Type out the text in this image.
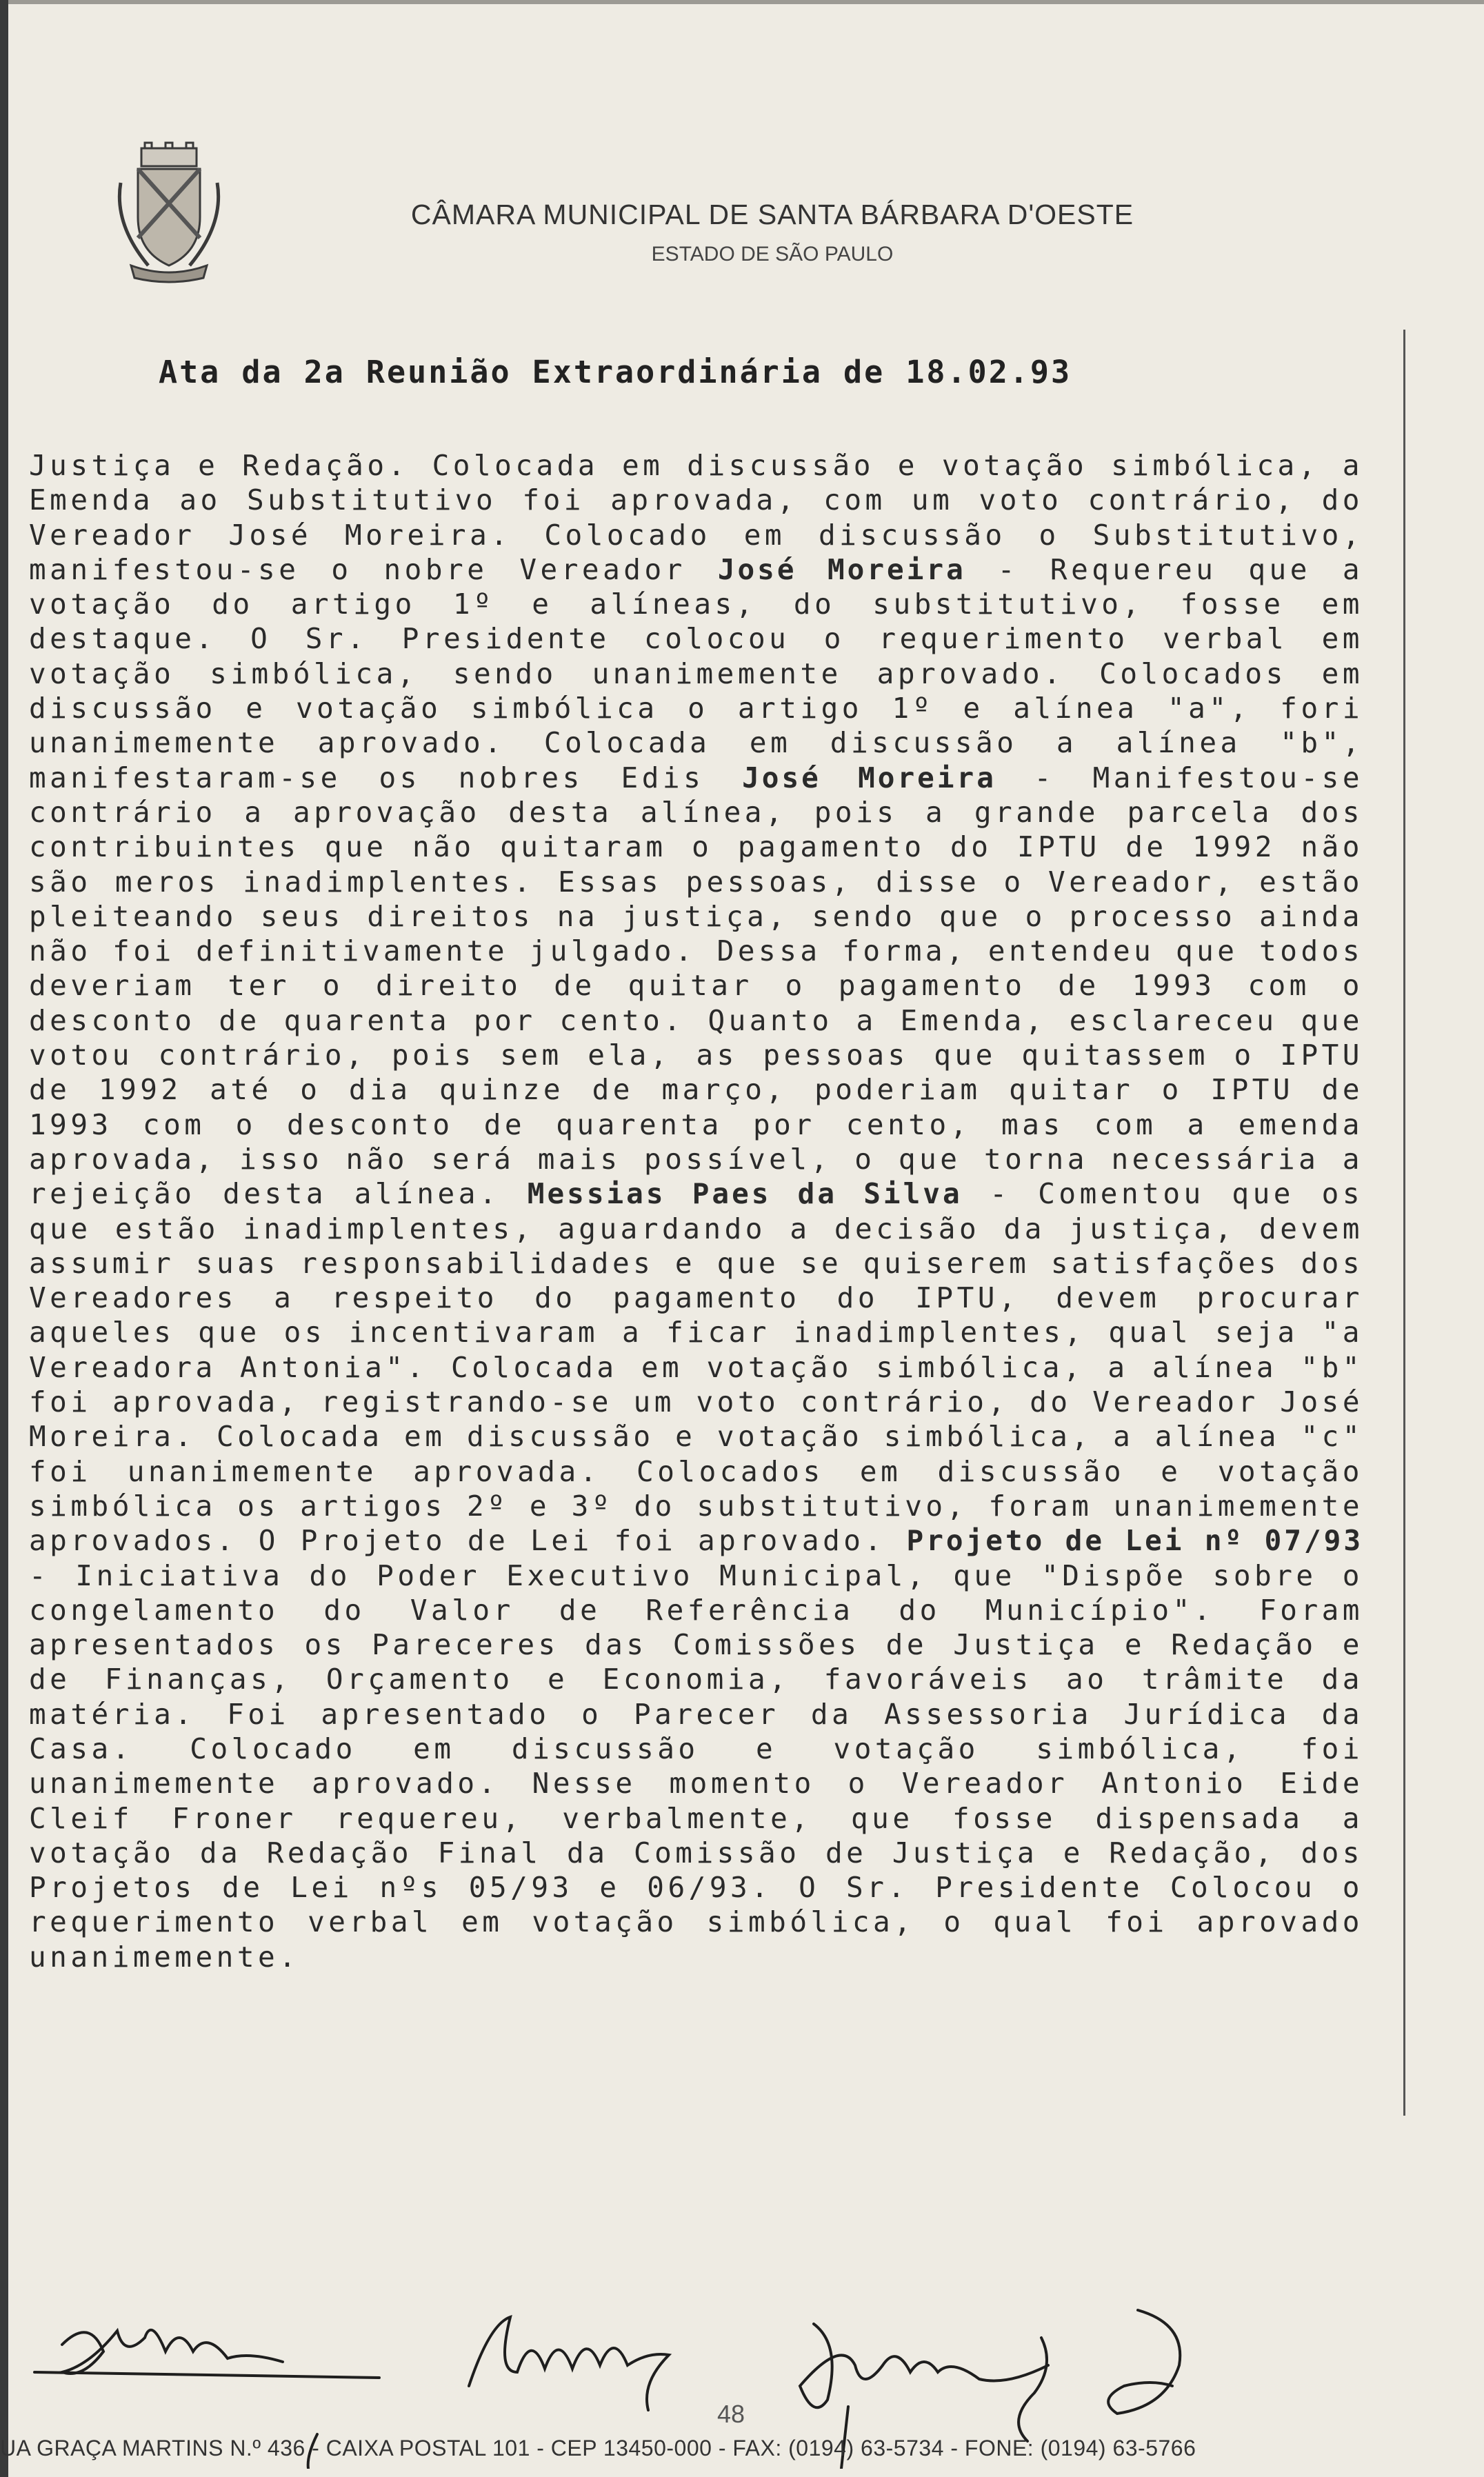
CÂMARA MUNICIPAL DE SANTA BÁRBARA D'OESTE
ESTADO DE SÃO PAULO
Ata da 2a Reunião Extraordinária de 18.02.93
Justiça e Redação. Colocada em discussão e votação simbólica, a Emenda ao Substitutivo foi aprovada, com um voto contrário, do Vereador José Moreira. Colocado em discussão o Substitutivo, manifestou-se o nobre Vereador José Moreira - Requereu que a votação do artigo 1º e alíneas, do substitutivo, fosse em destaque. O Sr. Presidente colocou o requerimento verbal em votação simbólica, sendo unanimemente aprovado. Colocados em discussão e votação simbólica o artigo 1º e alínea "a", fori unanimemente aprovado. Colocada em discussão a alínea "b", manifestaram-se os nobres Edis José Moreira - Manifestou-se contrário a aprovação desta alínea, pois a grande parcela dos contribuintes que não quitaram o pagamento do IPTU de 1992 não são meros inadimplentes. Essas pessoas, disse o Vereador, estão pleiteando seus direitos na justiça, sendo que o processo ainda não foi definitivamente julgado. Dessa forma, entendeu que todos deveriam ter o direito de quitar o pagamento de 1993 com o desconto de quarenta por cento. Quanto a Emenda, esclareceu que votou contrário, pois sem ela, as pessoas que quitassem o IPTU de 1992 até o dia quinze de março, poderiam quitar o IPTU de 1993 com o desconto de quarenta por cento, mas com a emenda aprovada, isso não será mais possível, o que torna necessária a rejeição desta alínea. Messias Paes da Silva - Comentou que os que estão inadimplentes, aguardando a decisão da justiça, devem assumir suas responsabilidades e que se quiserem satisfações dos Vereadores a respeito do pagamento do IPTU, devem procurar aqueles que os incentivaram a ficar inadimplentes, qual seja "a Vereadora Antonia". Colocada em votação simbólica, a alínea "b" foi aprovada, registrando-se um voto contrário, do Vereador José Moreira. Colocada em discussão e votação simbólica, a alínea "c" foi unanimemente aprovada. Colocados em discussão e votação simbólica os artigos 2º e 3º do substitutivo, foram unanimemente aprovados. O Projeto de Lei foi aprovado. Projeto de Lei nº 07/93 - Iniciativa do Poder Executivo Municipal, que "Dispõe sobre o congelamento do Valor de Referência do Município". Foram apresentados os Pareceres das Comissões de Justiça e Redação e de Finanças, Orçamento e Economia, favoráveis ao trâmite da matéria. Foi apresentado o Parecer da Assessoria Jurídica da Casa. Colocado em discussão e votação simbólica, foi unanimemente aprovado. Nesse momento o Vereador Antonio Eide Cleif Froner requereu, verbalmente, que fosse dispensada a votação da Redação Final da Comissão de Justiça e Redação, dos Projetos de Lei nºs 05/93 e 06/93. O Sr. Presidente Colocou o requerimento verbal em votação simbólica, o qual foi aprovado unanimemente.
48
UA GRAÇA MARTINS N.º 436 - CAIXA POSTAL 101 - CEP 13450-000 - FAX: (0194) 63-5734 - FONE: (0194) 63-5766
